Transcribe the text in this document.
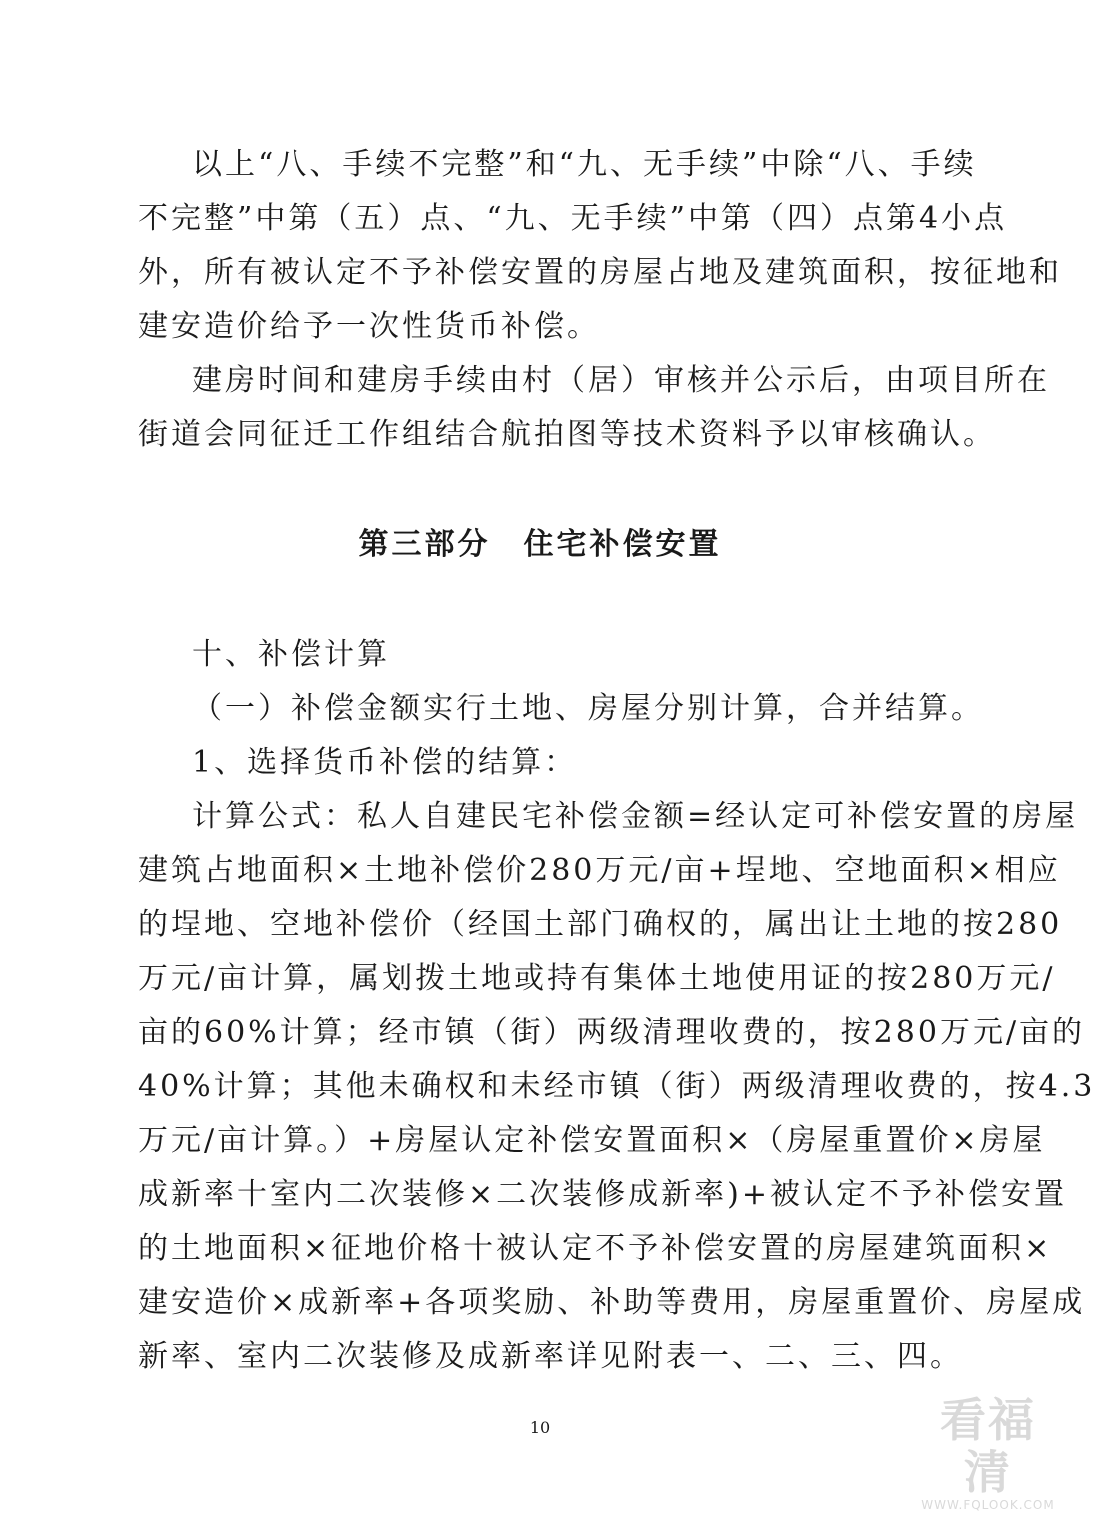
以上“八、手续不完整”和“九、无手续”中除“八、手续
不完整”中第（五）点、“九、无手续”中第（四）点第4小点
外，所有被认定不予补偿安置的房屋占地及建筑面积，按征地和
建安造价给予一次性货币补偿。
建房时间和建房手续由村（居）审核并公示后，由项目所在
街道会同征迁工作组结合航拍图等技术资料予以审核确认。
第三部分　住宅补偿安置
十、补偿计算
（一）补偿金额实行土地、房屋分别计算，合并结算。
1、选择货币补偿的结算：
计算公式：私人自建民宅补偿金额=经认定可补偿安置的房屋
建筑占地面积×土地补偿价280万元/亩+埕地、空地面积×相应
的埕地、空地补偿价（经国土部门确权的，属出让土地的按280
万元/亩计算，属划拨土地或持有集体土地使用证的按280万元/
亩的60%计算；经市镇（街）两级清理收费的，按280万元/亩的
40%计算；其他未确权和未经市镇（街）两级清理收费的，按4.3
万元/亩计算。）+房屋认定补偿安置面积×（房屋重置价×房屋
成新率十室内二次装修×二次装修成新率)+被认定不予补偿安置
的土地面积×征地价格十被认定不予补偿安置的房屋建筑面积×
建安造价×成新率+各项奖励、补助等费用，房屋重置价、房屋成
新率、室内二次装修及成新率详见附表一、二、三、四。
10	看福清
WWW.FQLOOK.COM
